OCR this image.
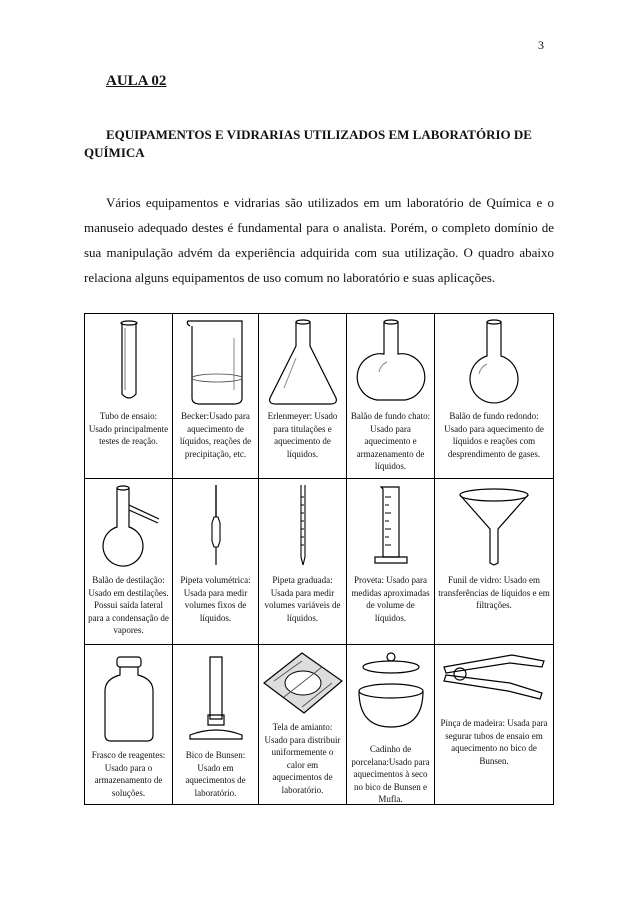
3
AULA 02
EQUIPAMENTOS E VIDRARIAS UTILIZADOS EM LABORATÓRIO DE QUÍMICA
Vários equipamentos e vidrarias são utilizados em um laboratório de Química e o manuseio adequado destes é fundamental para o analista. Porém, o completo domínio de sua manipulação advém da experiência adquirida com sua utilização. O quadro abaixo relaciona alguns equipamentos de uso comum no laboratório e suas aplicações.
Tubo de ensaio: Usado principalmente testes de reação.	Becker:Usado para aquecimento de líquidos, reações de precipitação, etc.	Erlenmeyer: Usado para titulações e aquecimento de líquidos.	Balão de fundo chato: Usado para aquecimento e armazenamento de líquidos.	Balão de fundo redondo: Usado para aquecimento de líquidos e reações com desprendimento de gases.

Balão de destilação: Usado em destilações. Possui saída lateral para a condensação de vapores.	Pipeta volumétrica: Usada para medir volumes fixos de líquidos.	Pipeta graduada: Usada para medir volumes variáveis de líquidos.	Proveta: Usado para medidas aproximadas de volume de líquidos.	Funil de vidro: Usado em transferências de líquidos e em filtrações.

Frasco de reagentes: Usado para o armazenamento de soluções.	Bico de Bunsen: Usado em aquecimentos de laboratório.	Tela de amianto: Usado para distribuir uniformemente o calor em aquecimentos de laboratório.	Cadinho de porcelana:Usado para aquecimentos à seco no bico de Bunsen e Mufla.	Pinça de madeira: Usada para segurar tubos de ensaio em aquecimento no bico de Bunsen.
